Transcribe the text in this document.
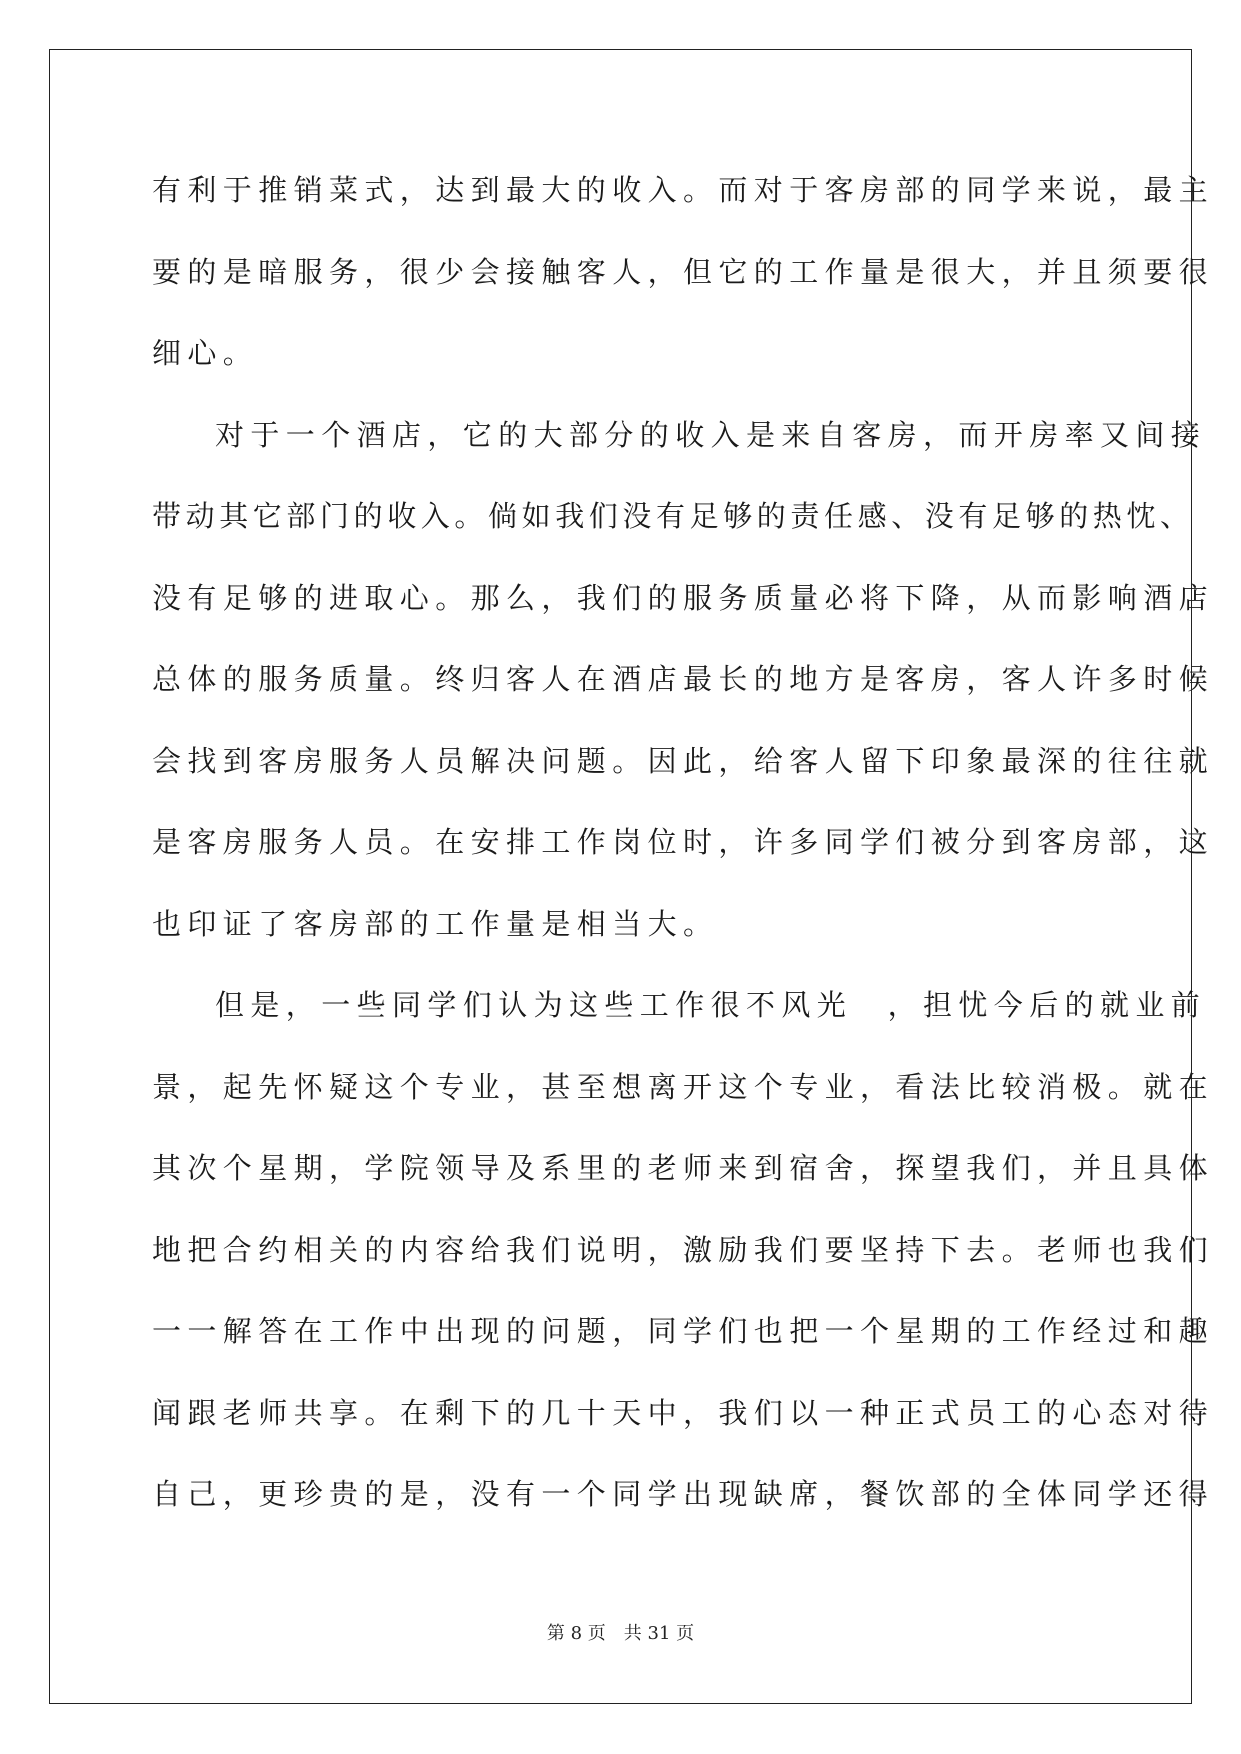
有利于推销菜式，达到最大的收入。而对于客房部的同学来说，最主
要的是暗服务，很少会接触客人，但它的工作量是很大，并且须要很
细心。
对于一个酒店，它的大部分的收入是来自客房，而开房率又间接
带动其它部门的收入。倘如我们没有足够的责任感、没有足够的热忱、
没有足够的进取心。那么，我们的服务质量必将下降，从而影响酒店
总体的服务质量。终归客人在酒店最长的地方是客房，客人许多时候
会找到客房服务人员解决问题。因此，给客人留下印象最深的往往就
是客房服务人员。在安排工作岗位时，许多同学们被分到客房部，这
也印证了客房部的工作量是相当大。
但是，一些同学们认为这些工作很不风光　，担忧今后的就业前
景，起先怀疑这个专业，甚至想离开这个专业，看法比较消极。就在
其次个星期，学院领导及系里的老师来到宿舍，探望我们，并且具体
地把合约相关的内容给我们说明，激励我们要坚持下去。老师也我们
一一解答在工作中出现的问题，同学们也把一个星期的工作经过和趣
闻跟老师共享。在剩下的几十天中，我们以一种正式员工的心态对待
自己，更珍贵的是，没有一个同学出现缺席，餐饮部的全体同学还得
第 8 页　共 31 页
